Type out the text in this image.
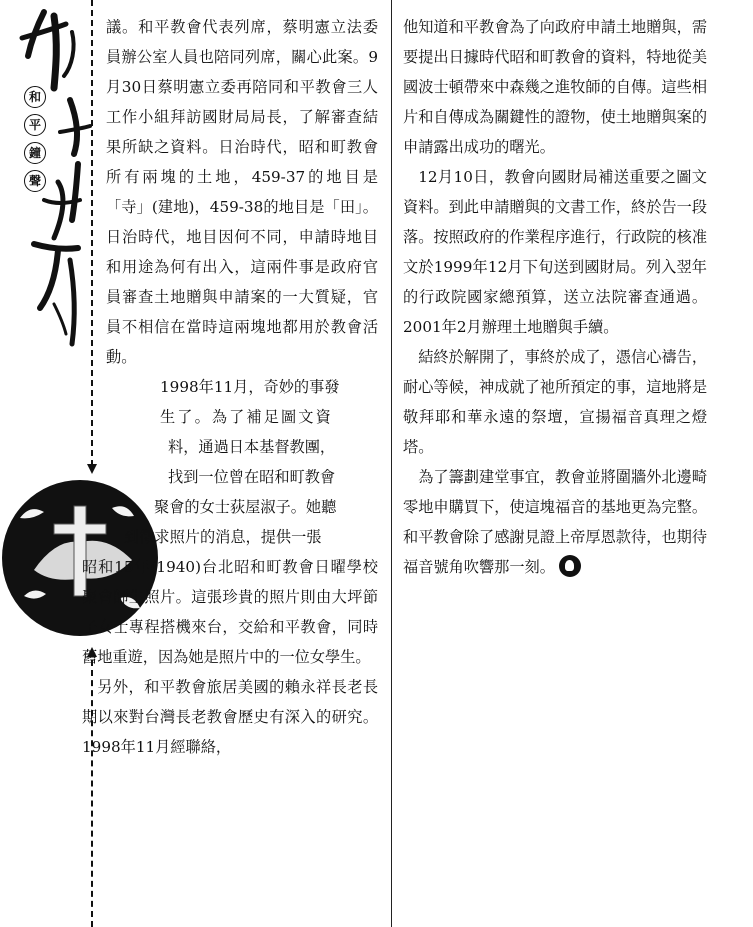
和
平
鐘
聲

議。和平教會代表列席，蔡明憲立法委員辦公室人員也陪同列席，關心此案。9月30日蔡明憲立委再陪同和平教會三人工作小組拜訪國財局局長，了解審查結果所缺之資料。日治時代，昭和町教會所有兩塊的土地，459-37的地目是「寺」(建地)，459-38的地目是「田」。日治時代，地目因何不同，申請時地目和用途為何有出入，這兩件事是政府官員審查土地贈與申請案的一大質疑，官員不相信在當時這兩塊地都用於教會活動。

1998年11月，奇妙的事發
生了。為了補足圖文資
料，通過日本基督教團，
找到一位曾在昭和町教會
聚會的女士荻屋淑子。她聽
到徵求照片的消息，提供一張

昭和15年(1940)台北昭和町教會日曜學校聚會師生照片。這張珍貴的照片則由大坪節子女士專程搭機來台，交給和平教會，同時舊地重遊，因為她是照片中的一位女學生。

另外，和平教會旅居美國的賴永祥長老長期以來對台灣長老教會歷史有深入的研究。1998年11月經聯絡，

他知道和平教會為了向政府申請土地贈與，需要提出日據時代昭和町教會的資料，特地從美國波士頓帶來中森幾之進牧師的自傳。這些相片和自傳成為關鍵性的證物，使土地贈與案的申請露出成功的曙光。

12月10日，教會向國財局補送重要之圖文資料。到此申請贈與的文書工作，終於告一段落。按照政府的作業程序進行，行政院的核准文於1999年12月下旬送到國財局。列入翌年的行政院國家總預算，送立法院審查通過。2001年2月辦理土地贈與手續。

結終於解開了，事終於成了，憑信心禱告，耐心等候，神成就了祂所預定的事，這地將是敬拜耶和華永遠的祭壇，宣揚福音真理之燈塔。

為了籌劃建堂事宜，教會並將圍牆外北邊畸零地申購買下，使這塊福音的基地更為完整。和平教會除了感謝見證上帝厚恩款待，也期待福音號角吹響那一刻。
